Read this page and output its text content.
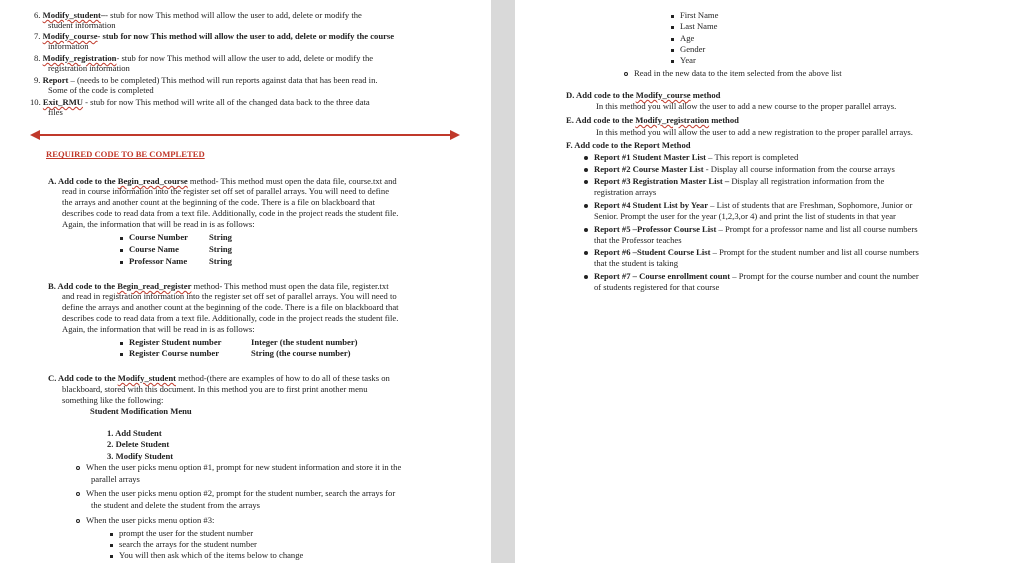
6. Modify_student–- stub for now This method will allow the user to add, delete or modify the
student information
7. Modify_course- stub for now This method will allow the user to add, delete or modify the course
information
8. Modify_registration- stub for now This method will allow the user to add, delete or modify the
registration information
9. Report – (needs to be completed) This method will run reports against data that has been read in.
Some of the code is completed
10. Exit_RMU - stub for now This method will write all of the changed data back to the three data
files
REQUIRED CODE TO BE COMPLETED
A. Add code to the Begin_read_course method- This method must open the data file, course.txt and
read in course information into the register set off set of parallel arrays. You will need to define
the arrays and another count at the beginning of the code. There is a file on blackboard that
describes code to read data from a text file. Additionally, code in the project reads the student file.
Again, the information that will be read in is as follows:
Course Number String
Course Name	String
Professor Name	String
B. Add code to the Begin_read_register method- This method must open the data file, register.txt
and read in registration information into the register set off set of parallel arrays. You will need to
define the arrays and another count at the beginning of the code. There is a file on blackboard that
describes code to read data from a text file. Additionally, code in the project reads the student file.
Again, the information that will be read in is as follows:
Register Student number	Integer (the student number)
Register Course number	String (the course number)
C. Add code to the Modify_student method-(there are examples of how to do all of these tasks on
blackboard, stored with this document. In this method you are to first print another menu
something like the following:
Student Modification Menu
1. Add Student
2. Delete Student
3. Modify Student
When the user picks menu option #1, prompt for new student information and store it in the
parallel arrays
When the user picks menu option #2, prompt for the student number, search the arrays for
the student and delete the student from the arrays
When the user picks menu option #3:
prompt the user for the student number
search the arrays for the student number
You will then ask which of the items below to change
First Name
Last Name
Age
Gender
Year
Read in the new data to the item selected from the above list
D. Add code to the Modify_course method
In this method you will allow the user to add a new course to the proper parallel arrays.
E. Add code to the Modify_registration method
In this method you will allow the user to add a new registration to the proper parallel arrays.
F. Add code to the Report Method
Report #1 Student Master List – This report is completed
Report #2 Course Master List - Display all course information from the course arrays
Report #3 Registration Master List – Display all registration information from the
registration arrays
Report #4 Student List by Year – List of students that are Freshman, Sophomore, Junior or
Senior. Prompt the user for the year (1,2,3,or 4) and print the list of students in that year
Report #5 –Professor Course List – Prompt for a professor name and list all course numbers
that the Professor teaches
Report #6 –Student Course List – Prompt for the student number and list all course numbers
that the student is taking
Report #7 – Course enrollment count – Prompt for the course number and count the number
of students registered for that course
